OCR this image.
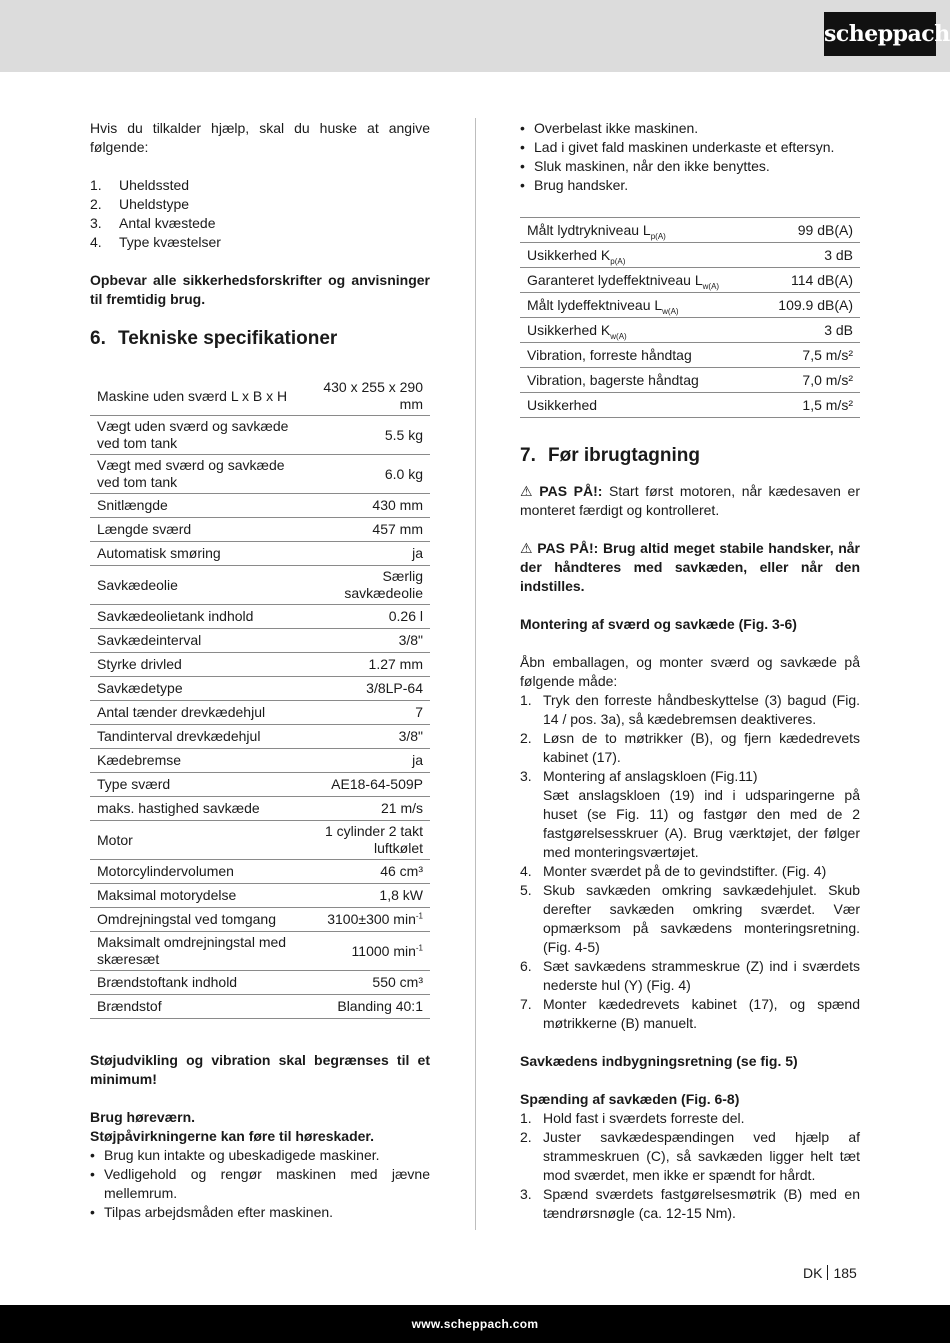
scheppach

Hvis du tilkalder hjælp, skal du huske at angive følgende:

1.	Uheldssted
2.	Uheldstype
3.	Antal kvæstede
4.	Type kvæstelser

Opbevar alle sikkerhedsforskrifter og anvisninger til fremtidig brug.

6. Tekniske specifikationer
Maskine uden sværd L x B x H	430 x 255 x 290 mm
Vægt uden sværd og savkæde ved tom tank	5.5 kg
Vægt med sværd og savkæde ved tom tank	6.0 kg
Snitlængde	430 mm
Længde sværd	457 mm
Automatisk smøring	ja
Savkædeolie	Særlig savkædeolie
Savkædeolietank indhold	0.26 l
Savkædeinterval	3/8"
Styrke drivled	1.27 mm
Savkædetype	3/8LP-64
Antal tænder drevkædehjul	7
Tandinterval drevkædehjul	3/8"
Kædebremse	ja
Type sværd	AE18-64-509P
maks. hastighed savkæde	21 m/s
Motor	1 cylinder 2 takt luftkølet
Motorcylindervolumen	46 cm³
Maksimal motorydelse	1,8 kW
Omdrejningstal ved tomgang	3100±300 $\min^{-1}$
Maksimalt omdrejningstal med skæresæt	11000 $\min^{-1}$
Brændstoftank indhold	550 cm³
Brændstof	Blanding 40:1

Støjudvikling og vibration skal begrænses til et minimum!

Brug høreværn.

Støjpåvirkningerne kan føre til høreskader.

• Brug kun intakte og ubeskadigede maskiner.
• Vedligehold og rengør maskinen med jævne mellemrum.
• Tilpas arbejdsmåden efter maskinen.
• Overbelast ikke maskinen.
• Lad i givet fald maskinen underkaste et eftersyn.
• Sluk maskinen, når den ikke benyttes.
• Brug handsker.
Målt lydtrykniveau $L_{p(A)}$	99 dB(A)
Usikkerhed $K_{p(A)}$	3 dB
Garanteret lydeffektniveau $L_{w(A)}$	114 dB(A)
Målt lydeffektniveau $L_{w(A)}$	109.9 dB(A)
Usikkerhed $K_{w(A)}$	3 dB
Vibration, forreste håndtag	7,5 m/s²
Vibration, bagerste håndtag	7,0 m/s²
Usikkerhed	1,5 m/s²
7. Før ibrugtagning

⚠ PAS PÅ!: Start først motoren, når kædesaven er monteret færdigt og kontrolleret.

⚠ PAS PÅ!: Brug altid meget stabile handsker, når der håndteres med savkæden, eller når den indstilles.

Montering af sværd og savkæde (Fig. 3-6)

Åbn emballagen, og monter sværd og savkæde på følgende måde:

1. Tryk den forreste håndbeskyttelse (3) bagud (Fig. 14 / pos. 3a), så kædebremsen deaktiveres.
2. Løsn de to møtrikker (B), og fjern kædedrevets kabinet (17).
3. Montering af anslagskloen (Fig.11)
Sæt anslagskloen (19) ind i udsparingerne på huset (se Fig. 11) og fastgør den med de 2 fastgørelsesskruer (A). Brug værktøjet, der følger med monteringsværtøjet.
4. Monter sværdet på de to gevindstifter. (Fig. 4)
5. Skub savkæden omkring savkædehjulet. Skub derefter savkæden omkring sværdet. Vær opmærksom på savkædens monteringsretning. (Fig. 4-5)
6. Sæt savkædens strammeskrue (Z) ind i sværdets nederste hul (Y) (Fig. 4)
7. Monter kædedrevets kabinet (17), og spænd møtrikkerne (B) manuelt.

Savkædens indbygningsretning (se fig. 5)

Spænding af savkæden (Fig. 6-8)

1. Hold fast i sværdets forreste del.
2. Juster savkædespændingen ved hjælp af strammeskruen (C), så savkæden ligger helt tæt mod sværdet, men ikke er spændt for hårdt.
3. Spænd sværdets fastgørelsesmøtrik (B) med en tændrørsnøgle (ca. 12-15 Nm).
DK 185
www.scheppach.com
